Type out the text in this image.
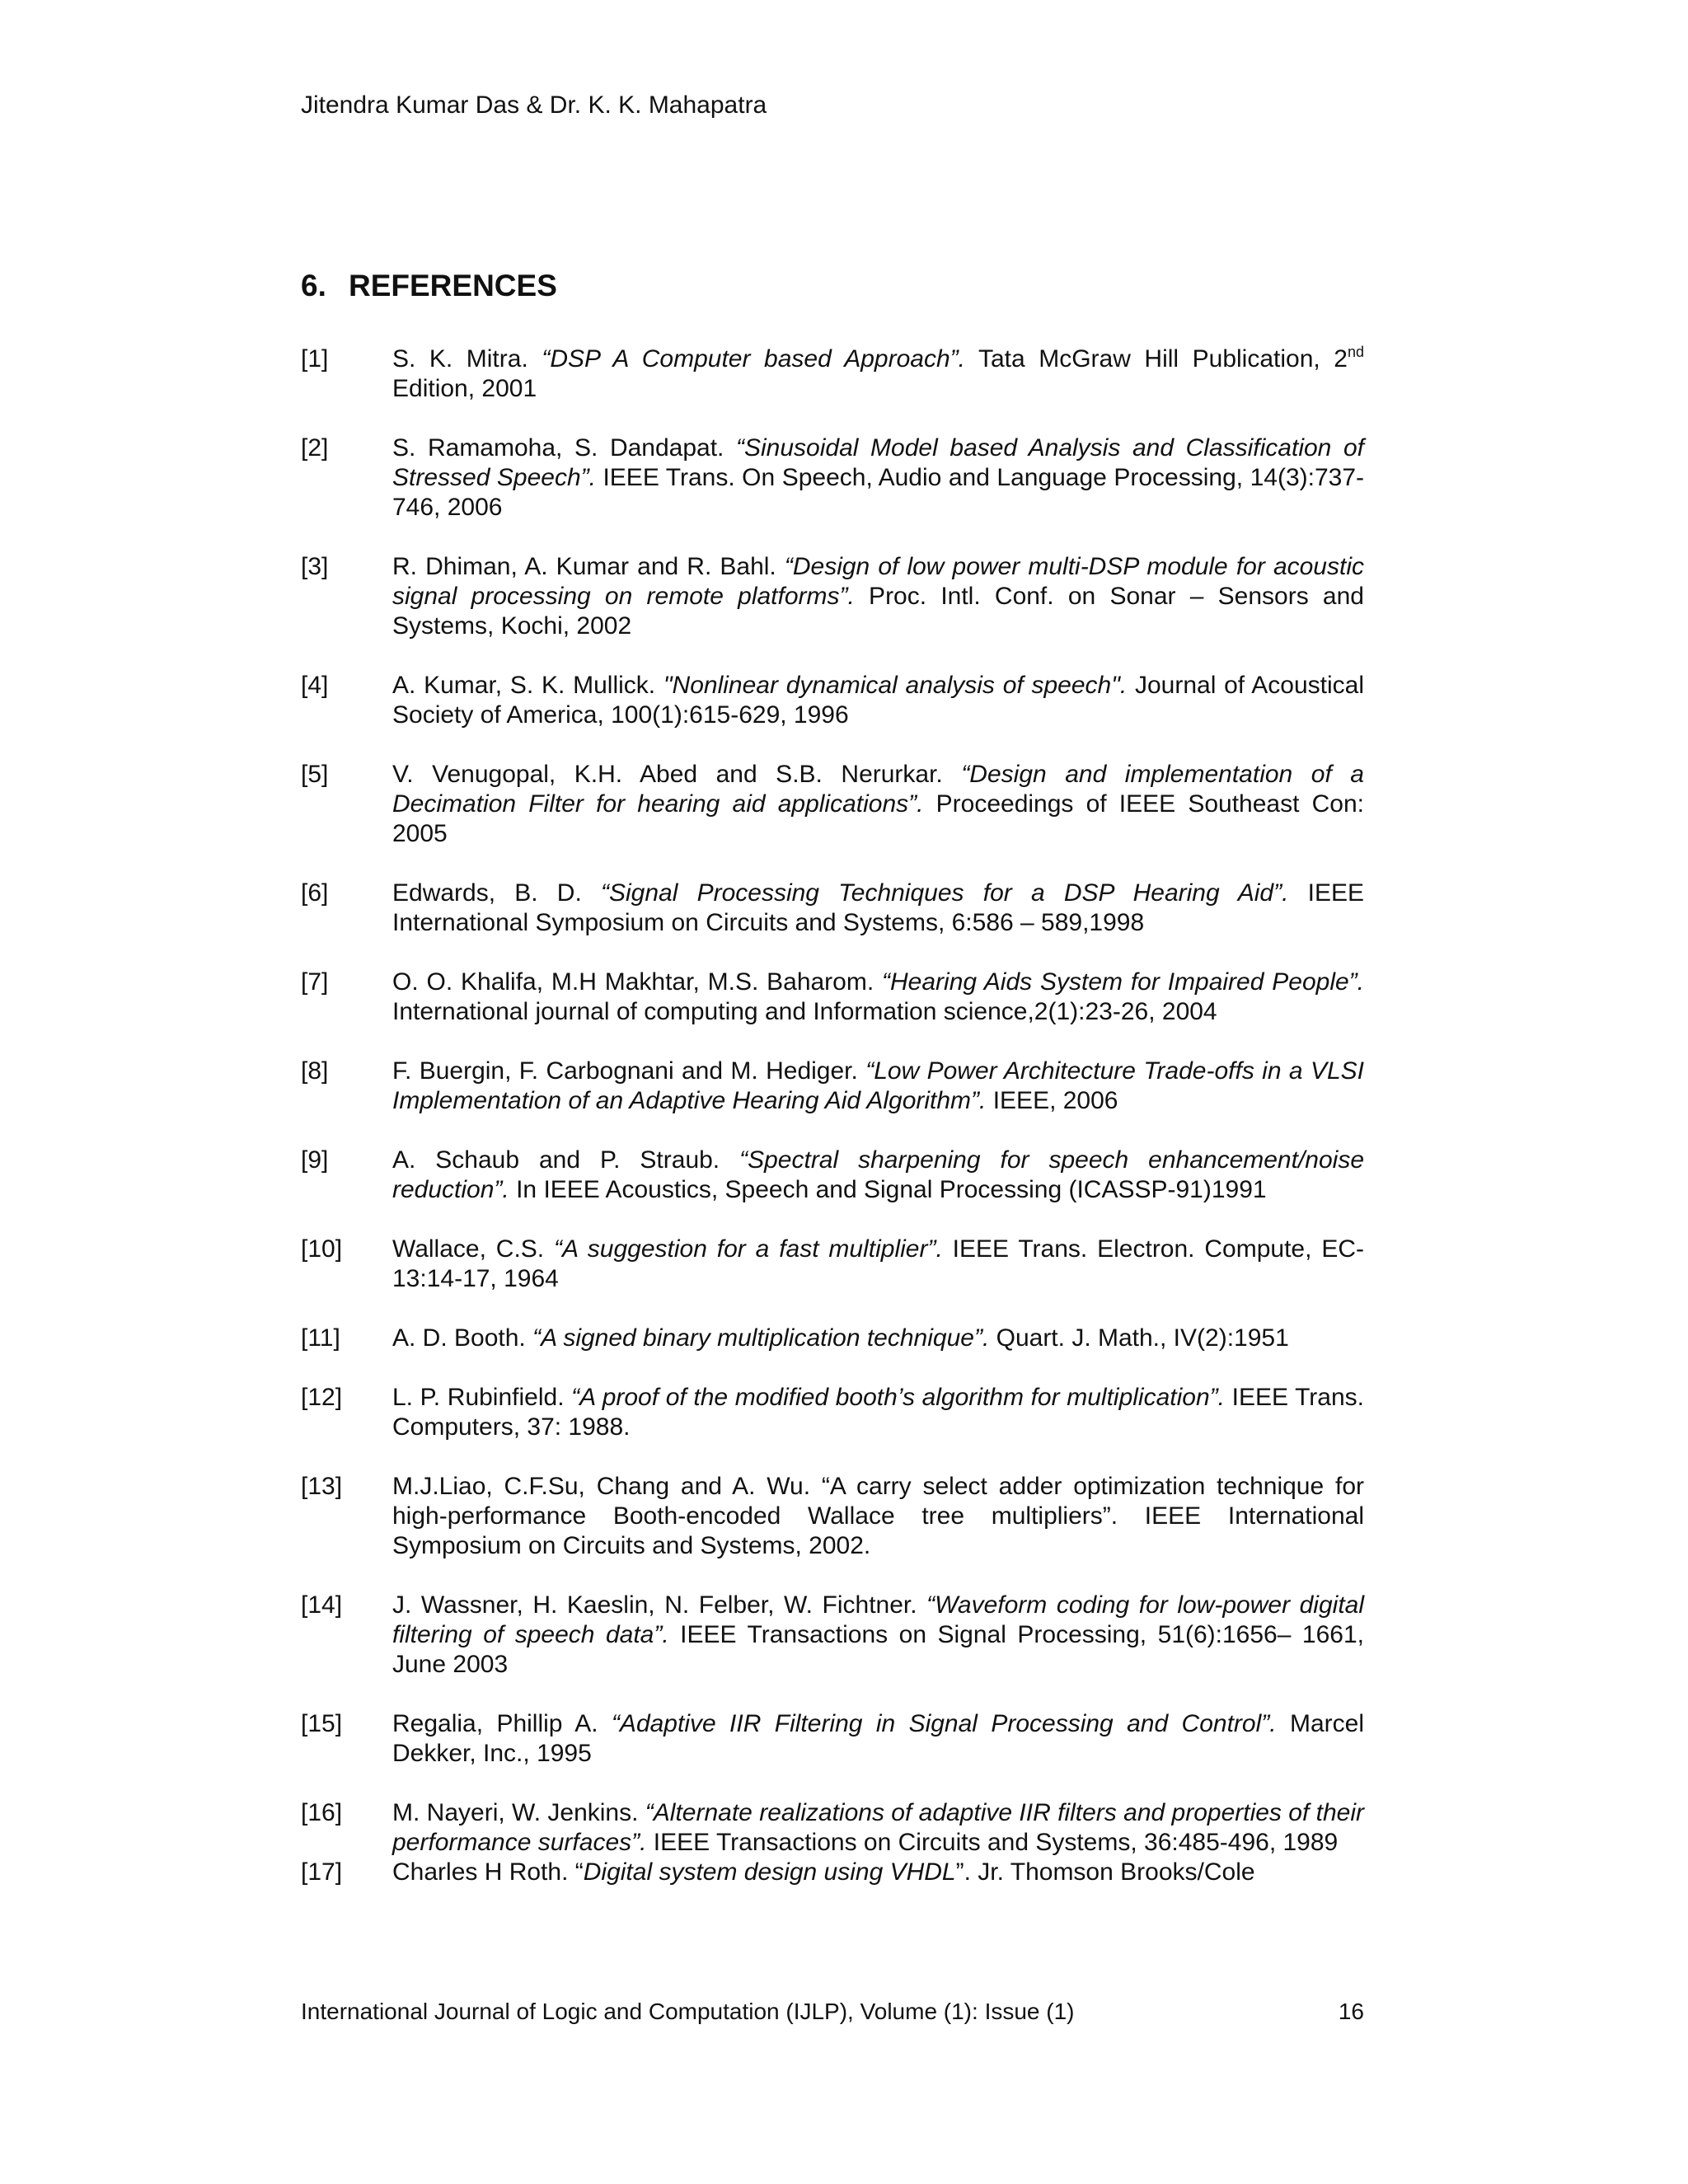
Jitendra Kumar Das & Dr. K. K. Mahapatra
6. REFERENCES
[1]	S. K. Mitra. “DSP A Computer based Approach”. Tata McGraw Hill Publication, 2nd Edition, 2001
[2]	S. Ramamoha, S. Dandapat. “Sinusoidal Model based Analysis and Classification of Stressed Speech”. IEEE Trans. On Speech, Audio and Language Processing, 14(3):737- 746, 2006
[3]	R. Dhiman, A. Kumar and R. Bahl. “Design of low power multi-DSP module for acoustic signal processing on remote platforms”. Proc. Intl. Conf. on Sonar – Sensors and Systems, Kochi, 2002
[4]	A. Kumar, S. K. Mullick. "Nonlinear dynamical analysis of speech". Journal of Acoustical Society of America, 100(1):615-629, 1996
[5]	V. Venugopal, K.H. Abed and S.B. Nerurkar. “Design and implementation of a Decimation Filter for hearing aid applications”. Proceedings of IEEE Southeast Con: 2005
[6]	Edwards, B. D. “Signal Processing Techniques for a DSP Hearing Aid”. IEEE International Symposium on Circuits and Systems, 6:586 – 589,1998
[7]	O. O. Khalifa, M.H Makhtar, M.S. Baharom. “Hearing Aids System for Impaired People”. International journal of computing and Information science,2(1):23-26, 2004
[8]	F. Buergin, F. Carbognani and M. Hediger. “Low Power Architecture Trade-offs in a VLSI Implementation of an Adaptive Hearing Aid Algorithm”. IEEE, 2006
[9]	A. Schaub and P. Straub. “Spectral sharpening for speech enhancement/noise reduction”. In IEEE Acoustics, Speech and Signal Processing (ICASSP-91)1991
[10] Wallace, C.S. “A suggestion for a fast multiplier”. IEEE Trans. Electron. Compute, EC-13:14-17, 1964
[11] A. D. Booth. “A signed binary multiplication technique”. Quart. J. Math., IV(2):1951
[12] L. P. Rubinfield. “A proof of the modified booth’s algorithm for multiplication”. IEEE Trans. Computers, 37: 1988.
[13] M.J.Liao, C.F.Su, Chang and A. Wu. “A carry select adder optimization technique for high-performance Booth-encoded Wallace tree multipliers”. IEEE International Symposium on Circuits and Systems, 2002.
[14] J. Wassner, H. Kaeslin, N. Felber, W. Fichtner. “Waveform coding for low-power digital filtering of speech data”. IEEE Transactions on Signal Processing, 51(6):1656– 1661, June 2003
[15] Regalia, Phillip A. “Adaptive IIR Filtering in Signal Processing and Control”. Marcel Dekker, Inc., 1995
[16] M. Nayeri, W. Jenkins. “Alternate realizations of adaptive IIR filters and properties of their performance surfaces”. IEEE Transactions on Circuits and Systems, 36:485-496, 1989
[17] Charles H Roth. “Digital system design using VHDL”. Jr. Thomson Brooks/Cole
International Journal of Logic and Computation (IJLP), Volume (1): Issue (1)	16
